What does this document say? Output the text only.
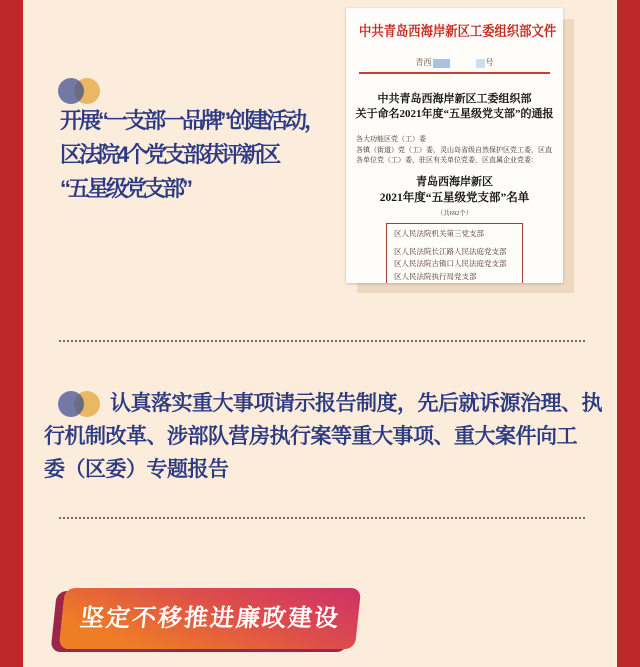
开展“一支部一品牌”创建活动，
区法院4个党支部获评新区
“五星级党支部”
中共青岛西海岸新区工委组织部文件
青西	号
中共青岛西海岸新区工委组织部
关于命名2021年度“五星级党支部”的通报
各大功能区党（工）委
各镇（街道）党（工）委，灵山岛省级自然保护区党工委，区直
各单位党（工）委，驻区有关单位党委，区直属企业党委：
青岛西海岸新区
2021年度“五星级党支部”名单
（共692个）
区人民法院机关第三党支部
区人民法院长江路人民法庭党支部
区人民法院古镇口人民法庭党支部
区人民法院执行局党支部
认真落实重大事项请示报告制度，先后就诉源治理、执
行机制改革、涉部队营房执行案等重大事项、重大案件向工
委（区委）专题报告
坚定不移推进廉政建设
